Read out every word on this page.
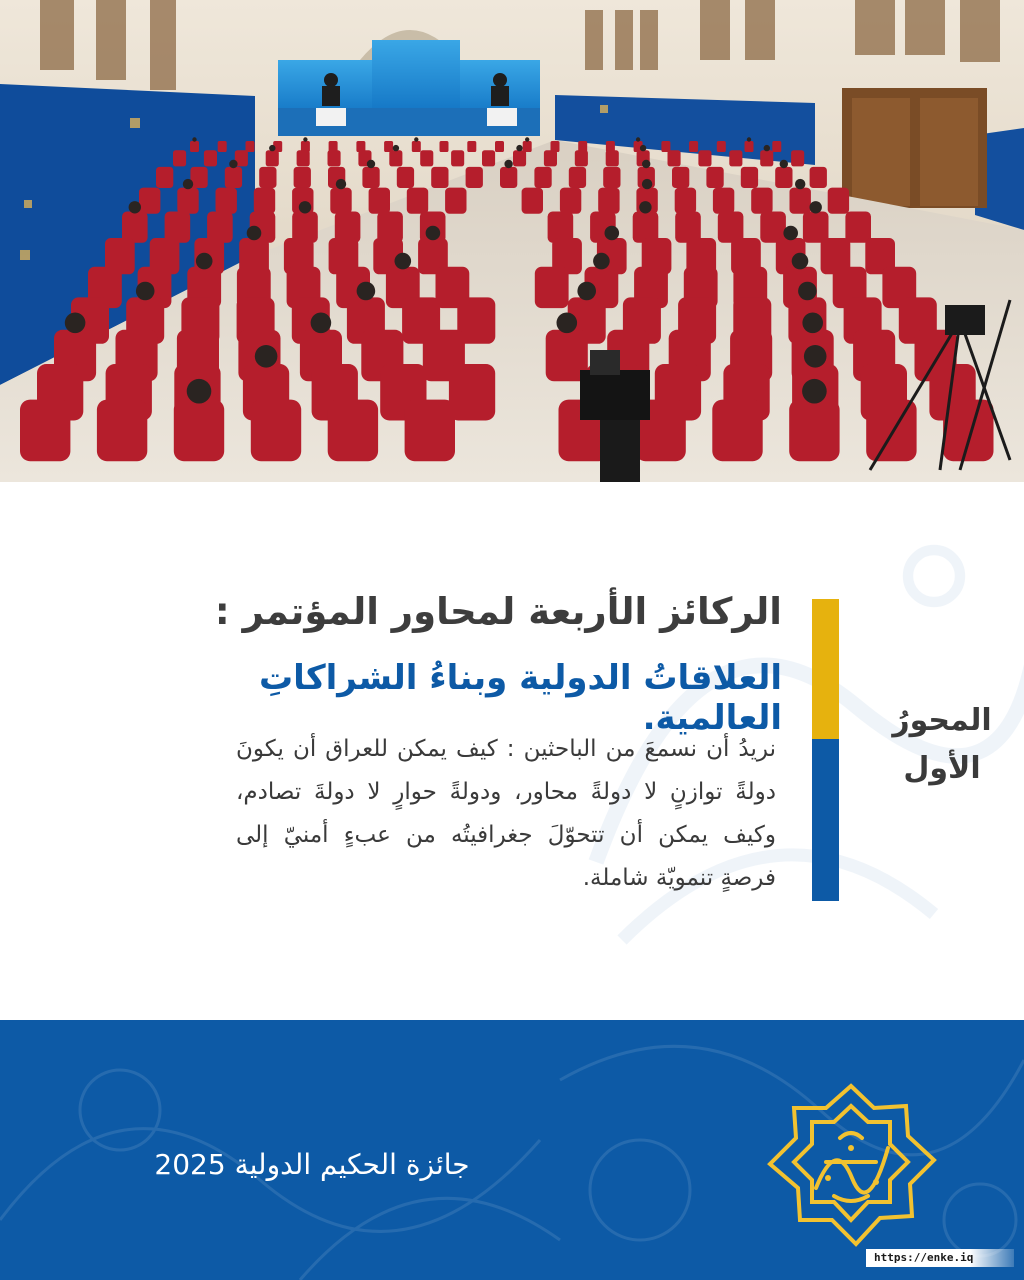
الركائز الأربعة لمحاور المؤتمر :
العلاقاتُ الدولية وبناءُ الشراكاتِ العالمية.
نريدُ أن نسمعَ من الباحثين : كيف يمكن للعراق أن يكونَ دولةً توازنٍ لا دولةً محاور، ودولةً حوارٍ لا دولةَ تصادم، وكيف يمكن أن تتحوّلَ جغرافيتُه من عبءٍ أمنيّ إلى فرصةٍ تنمويّة شاملة.
المحورُ
الأول
جائزة الحكيم الدولية 2025
https://enke.iq
